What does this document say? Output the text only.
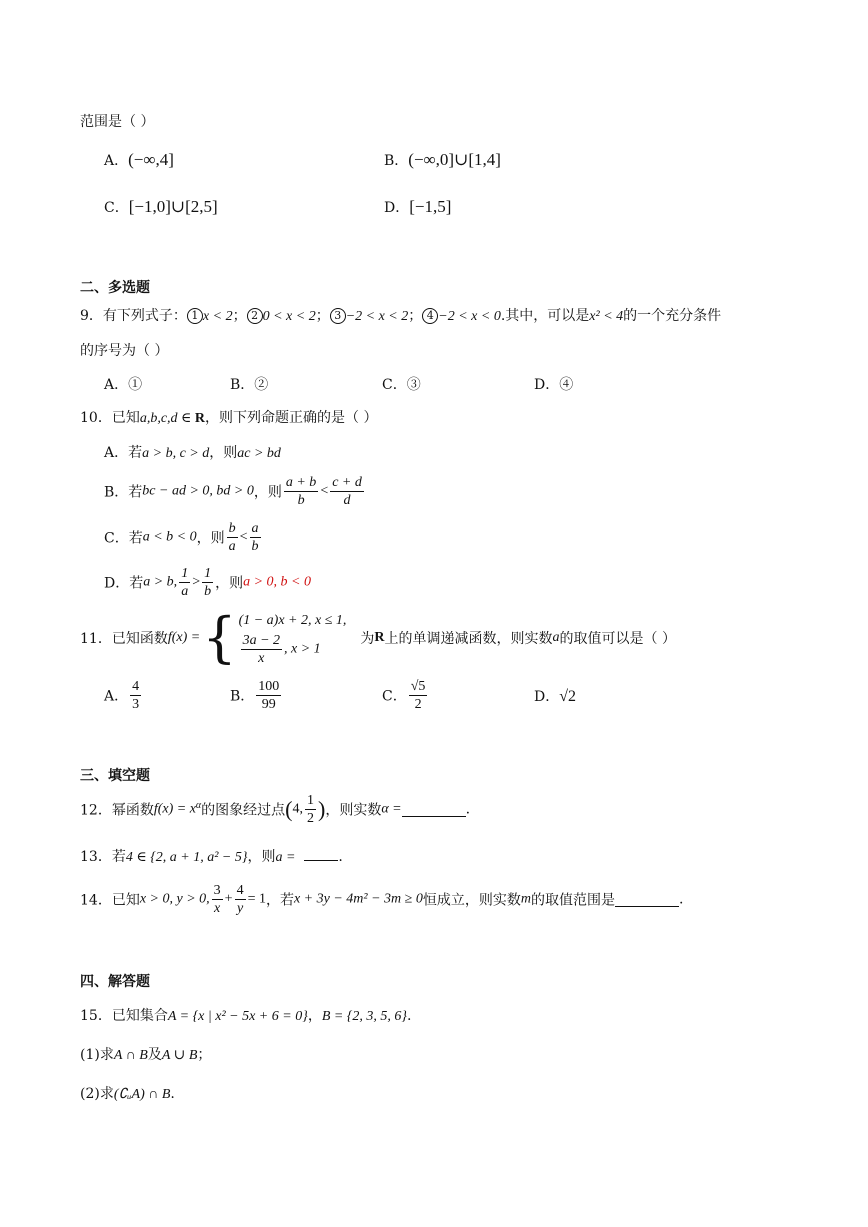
范围是（ ）
A．(−∞,4]	B．(−∞,0]∪[1,4]
C．[−1,0]∪[2,5]	D．[−1,5]
二、多选题
9．有下列式子： 1 x < 2； 2 0 < x < 2； 3 −2 < x < 2； 4 −2 < x < 0.其中，可以是x² < 4的一个充分条件
的序号为（ ）
A．①	B．②	C．③	D．④
10．已知a,b,c,d ∈ R，则下列命题正确的是（ ）
A．若a > b, c > d，则ac > bd
B．若bc − ad > 0, bd > 0，则 $\frac{a + b}{b} < \frac{c + d}{d}$
C．若a < b < 0，则 $\frac{b}{a} < \frac{a}{b}$
D．若a > b, $\frac{1}{a} > \frac{1}{b}$ ，则a > 0, b < 0
11．已知函数f(x) ={ (1 − a)x + 2, x ≤ 1,
$\frac{3a - 2}{x}$ , x > 1
为R上的单调递减函数，则实数a的取值可以是（ ）
A． $\frac{4}{3}$	B． $\frac{100}{99}$	C． $\frac{√5}{2}$	D．√2
三、填空题
12．幂函数$f(x) = x^\alpha$的图象经过点(4, $\frac{1}{2}$ )，则实数α =	.
13．若4 ∈ {2, a + 1, a² − 5}，则a =	.
14．已知x > 0, y > 0, $\frac{3}{x} + \frac{4}{y} = 1$，若x + 3y − 4m² − 3m ≥ 0恒成立，则实数m的取值范围是	.
四、解答题
15．已知集合A = {x | x² − 5x + 6 = 0}，B = {2, 3, 5, 6}.
(1)求A ∩ B及A ∪ B；
(2)求(∁ᵤA) ∩ B.
